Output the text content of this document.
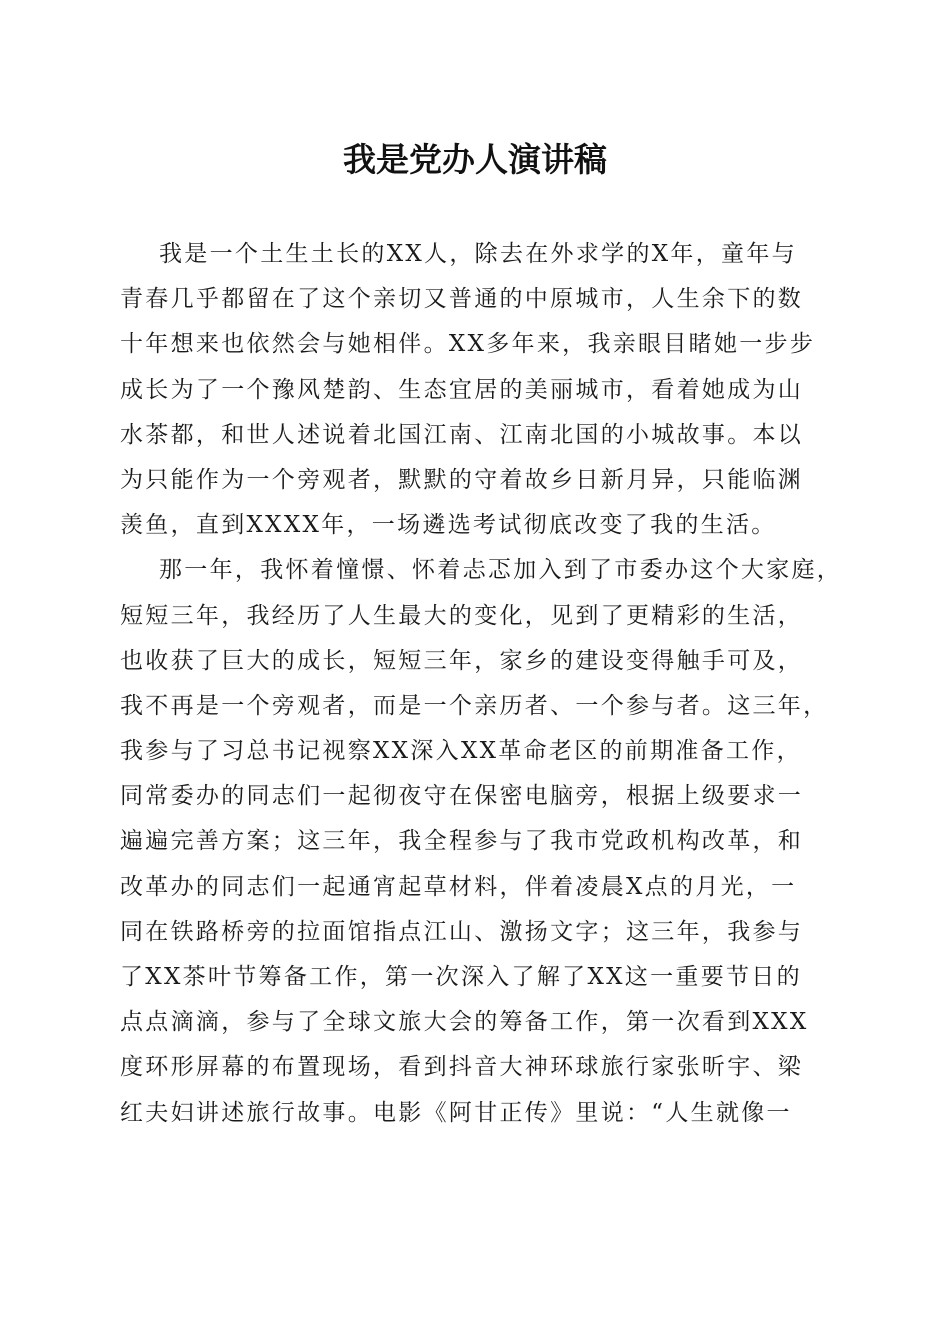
我是党办人演讲稿
我是一个土生土长的XX人，除去在外求学的X年，童年与
青春几乎都留在了这个亲切又普通的中原城市，人生余下的数
十年想来也依然会与她相伴。XX多年来，我亲眼目睹她一步步
成长为了一个豫风楚韵、生态宜居的美丽城市，看着她成为山
水茶都，和世人述说着北国江南、江南北国的小城故事。本以
为只能作为一个旁观者，默默的守着故乡日新月异，只能临渊
羡鱼，直到XXXX年，一场遴选考试彻底改变了我的生活。
那一年，我怀着憧憬、怀着忐忑加入到了市委办这个大家庭，
短短三年，我经历了人生最大的变化，见到了更精彩的生活，
也收获了巨大的成长，短短三年，家乡的建设变得触手可及，
我不再是一个旁观者，而是一个亲历者、一个参与者。这三年，
我参与了习总书记视察XX深入XX革命老区的前期准备工作，
同常委办的同志们一起彻夜守在保密电脑旁，根据上级要求一
遍遍完善方案；这三年，我全程参与了我市党政机构改革，和
改革办的同志们一起通宵起草材料，伴着凌晨X点的月光，一
同在铁路桥旁的拉面馆指点江山、激扬文字；这三年，我参与
了XX茶叶节筹备工作，第一次深入了解了XX这一重要节日的
点点滴滴，参与了全球文旅大会的筹备工作，第一次看到XXX
度环形屏幕的布置现场，看到抖音大神环球旅行家张昕宇、梁
红夫妇讲述旅行故事。电影《阿甘正传》里说：“人生就像一
